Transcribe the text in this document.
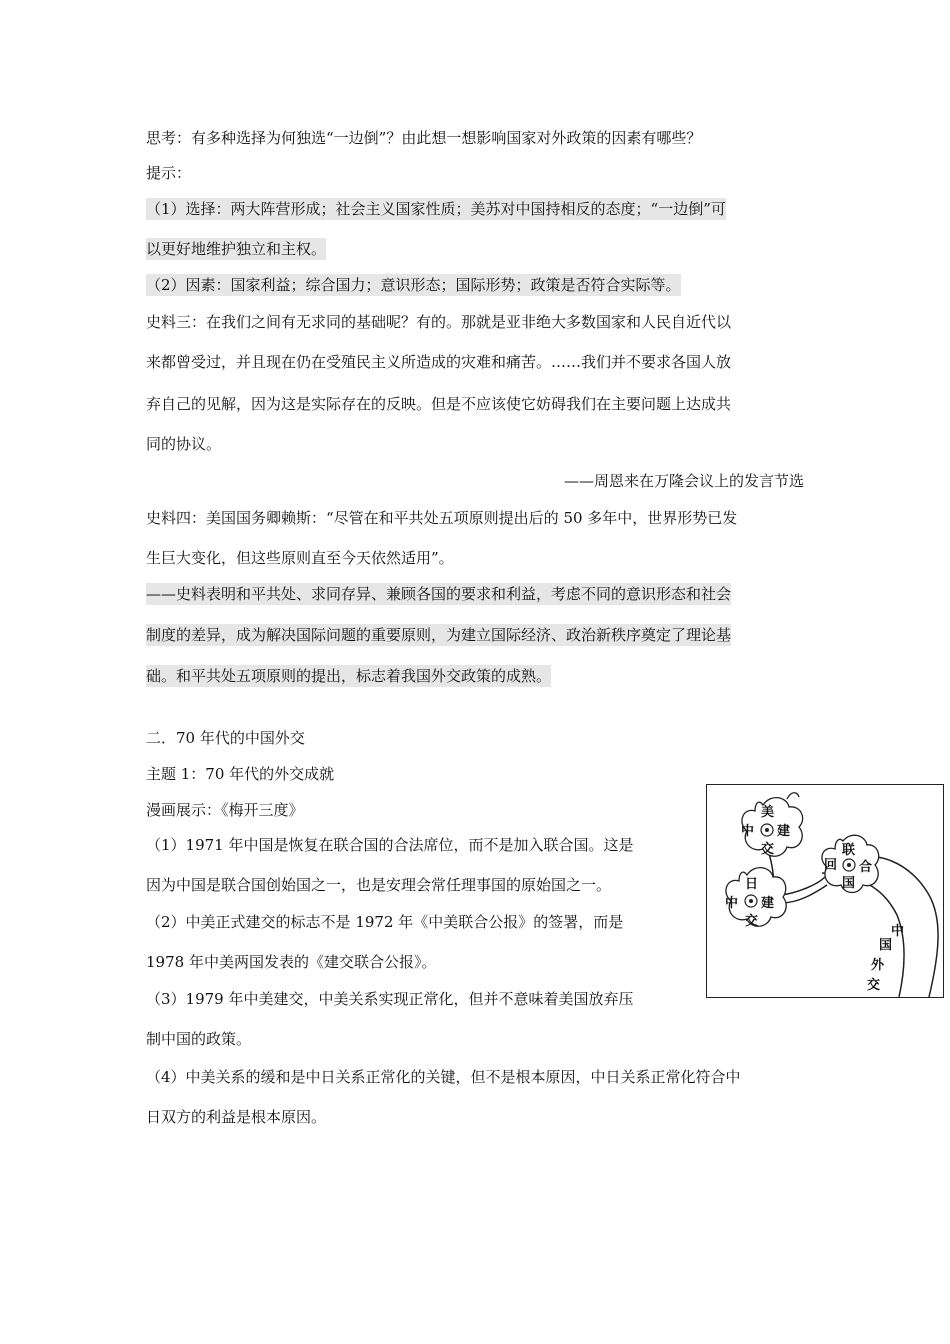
思考：有多种选择为何独选“一边倒”？由此想一想影响国家对外政策的因素有哪些？
提示：
（1）选择：两大阵营形成；社会主义国家性质；美苏对中国持相反的态度；“一边倒”可
以更好地维护独立和主权。
（2）因素：国家利益；综合国力；意识形态；国际形势；政策是否符合实际等。
史料三：在我们之间有无求同的基础呢？有的。那就是亚非绝大多数国家和人民自近代以
来都曾受过，并且现在仍在受殖民主义所造成的灾难和痛苦。……我们并不要求各国人放
弃自己的见解，因为这是实际存在的反映。但是不应该使它妨碍我们在主要问题上达成共
同的协议。
——周恩来在万隆会议上的发言节选
史料四：美国国务卿赖斯：“尽管在和平共处五项原则提出后的 50 多年中，世界形势已发
生巨大变化，但这些原则直至今天依然适用”。
——史料表明和平共处、求同存异、兼顾各国的要求和利益，考虑不同的意识形态和社会
制度的差异，成为解决国际问题的重要原则，为建立国际经济、政治新秩序奠定了理论基
础。和平共处五项原则的提出，标志着我国外交政策的成熟。
二．70 年代的中国外交
主题 1：70 年代的外交成就
漫画展示：《梅开三度》
（1）1971 年中国是恢复在联合国的合法席位，而不是加入联合国。这是
因为中国是联合国创始国之一，也是安理会常任理事国的原始国之一。
（2）中美正式建交的标志不是 1972 年《中美联合公报》的签署，而是
1978 年中美两国发表的《建交联合公报》。
（3）1979 年中美建交，中美关系实现正常化，但并不意味着美国放弃压
制中国的政策。
（4）中美关系的缓和是中日关系正常化的关键，但不是根本原因，中日关系正常化符合中
日双方的利益是根本原因。
美
中 建
交
日
中 建
交
联
回 合
国
中
国
外
交
